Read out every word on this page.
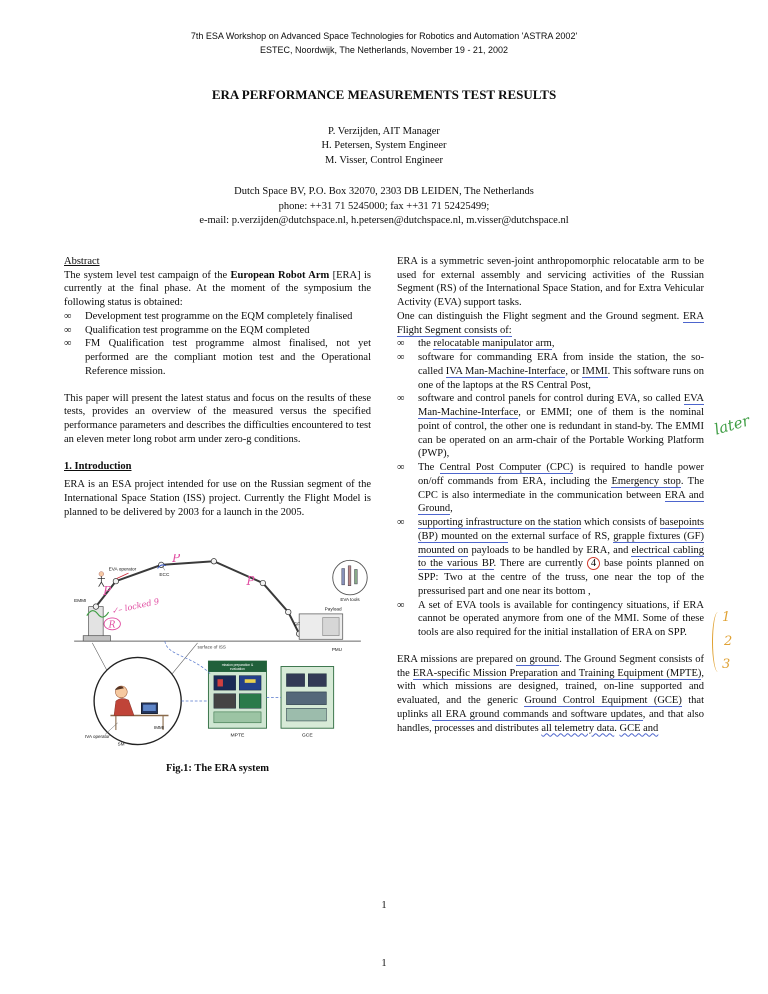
7th ESA Workshop on Advanced Space Technologies for Robotics and Automation 'ASTRA 2002'
ESTEC, Noordwijk, The Netherlands, November 19 - 21, 2002
ERA PERFORMANCE MEASUREMENTS TEST RESULTS
P. Verzijden, AIT Manager
H. Petersen, System Engineer
M. Visser, Control Engineer
Dutch Space BV, P.O. Box 32070, 2303 DB LEIDEN, The Netherlands
phone: ++31 71 5245000; fax ++31 71 52425499;
e-mail: p.verzijden@dutchspace.nl, h.petersen@dutchspace.nl, m.visser@dutchspace.nl
Abstract

The system level test campaign of the European Robot Arm [ERA] is currently at the final phase. At the moment of the symposium the following status is obtained:

∞	Development test programme on the EQM completely finalised
∞	Qualification test programme on the EQM completed
∞	FM Qualification test programme almost finalised, not yet performed are the compliant motion test and the Operational Reference mission.

This paper will present the latest status and focus on the results of these tests, provides an overview of the measured versus the specified performance parameters and describes the difficulties encountered to test an eleven meter long robot arm under zero-g conditions.

1. Introduction

ERA is an ESA project intended for use on the Russian segment of the International Space Station (ISS) project. Currently the Flight Model is planned to be delivered by 2003 for a launch in the 2005.

surface of ISS
Payload
GF
PMU
EVA operator
ECC
EMMI	EVA tools
IVA operator
IMMI
SM
mission preparation &
evaluation
MPTE	GCE
P
P
P
✓– locked 9
R
Fig.1: The ERA system

ERA is a symmetric seven-joint anthropomorphic relocatable arm to be used for external assembly and servicing activities of the Russian Segment (RS) of the International Space Station, and for Extra Vehicular Activity (EVA) support tasks.

One can distinguish the Flight segment and the Ground segment. ERA Flight Segment consists of:

∞	the relocatable manipulator arm,
∞	software for commanding ERA from inside the station, the so-called IVA Man-Machine-Interface, or IMMI. This software runs on one of the laptops at the RS Central Post,
∞	software and control panels for control during EVA, so called EVA Man-Machine-Interface, or EMMI; one of them is the nominal point of control, the other one is redundant in stand-by. The EMMI can be operated on an arm-chair of the Portable Working Platform (PWP),
∞	The Central Post Computer (CPC) is required to handle power on/off commands from ERA, including the Emergency stop. The CPC is also intermediate in the communication between ERA and Ground,
∞	supporting infrastructure on the station which consists of basepoints (BP) mounted on the external surface of RS, grapple fixtures (GF) mounted on payloads to be handled by ERA, and electrical cabling to the various BP. There are currently 4 base points planned on SPP: Two at the centre of the truss, one near the top of the pressurised part and one near its bottom ,
∞	A set of EVA tools is available for contingency situations, if ERA cannot be operated anymore from one of the MMI. Some of these tools are also required for the initial installation of ERA on SPP.

ERA missions are prepared on ground. The Ground Segment consists of the ERA-specific Mission Preparation and Training Equipment (MPTE), with which missions are designed, trained, on-line supported and evaluated, and the generic Ground Control Equipment (GCE) that uplinks all ERA ground commands and software updates, and that also handles, processes and distributes all telemetry data. GCE and

later
1
2
3
1
1
